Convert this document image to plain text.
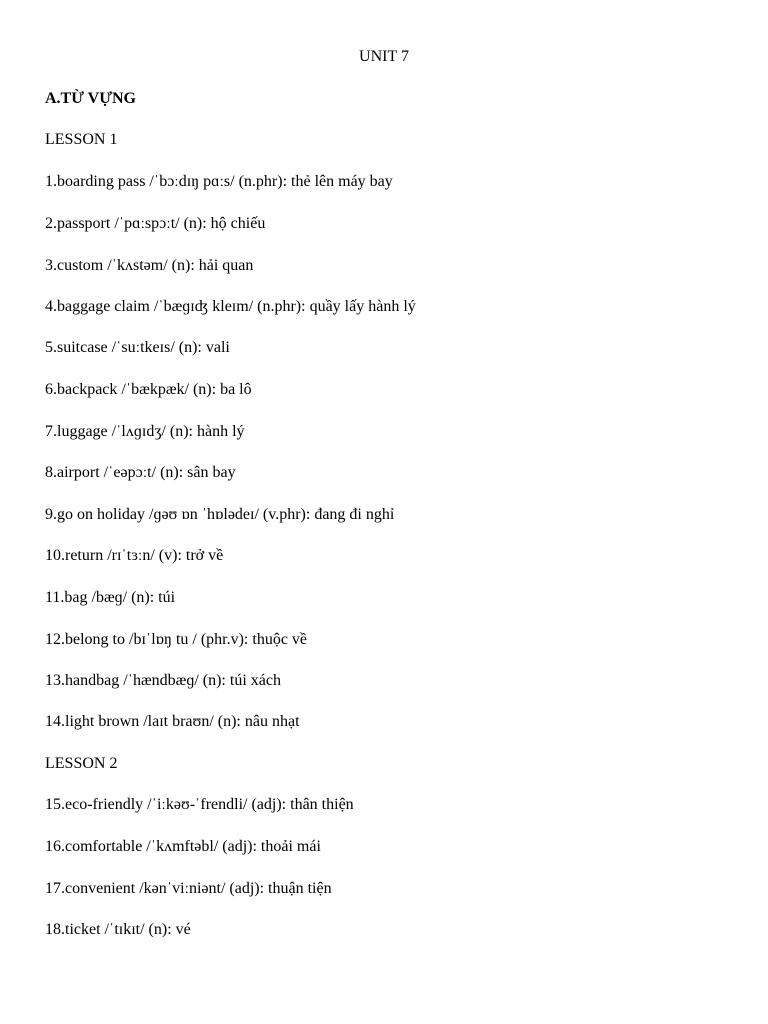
UNIT 7
A.TỪ VỰNG
LESSON 1
1.boarding pass /ˈbɔːdɪŋ pɑːs/ (n.phr): thẻ lên máy bay
2.passport /ˈpɑːspɔːt/ (n): hộ chiếu
3.custom /ˈkʌstəm/ (n): hải quan
4.baggage claim /ˈbæɡɪʤ kleɪm/ (n.phr): quầy lấy hành lý
5.suitcase /ˈsuːtkeɪs/ (n): vali
6.backpack /ˈbækpæk/ (n): ba lô
7.luggage /ˈlʌɡɪdʒ/ (n): hành lý
8.airport /ˈeəpɔːt/ (n): sân bay
9.go on holiday /ɡəʊ ɒn ˈhɒlədeɪ/ (v.phr): đang đi nghỉ
10.return /rɪˈtɜːn/ (v): trở về
11.bag /bæɡ/ (n): túi
12.belong to /bɪˈlɒŋ tu / (phr.v): thuộc về
13.handbag /ˈhændbæɡ/ (n): túi xách
14.light brown /laɪt braʊn/ (n): nâu nhạt
LESSON 2
15.eco-friendly /ˈiːkəʊ-ˈfrendli/ (adj): thân thiện
16.comfortable /ˈkʌmftəbl/ (adj): thoải mái
17.convenient /kənˈviːniənt/ (adj): thuận tiện
18.ticket /ˈtɪkɪt/ (n): vé
